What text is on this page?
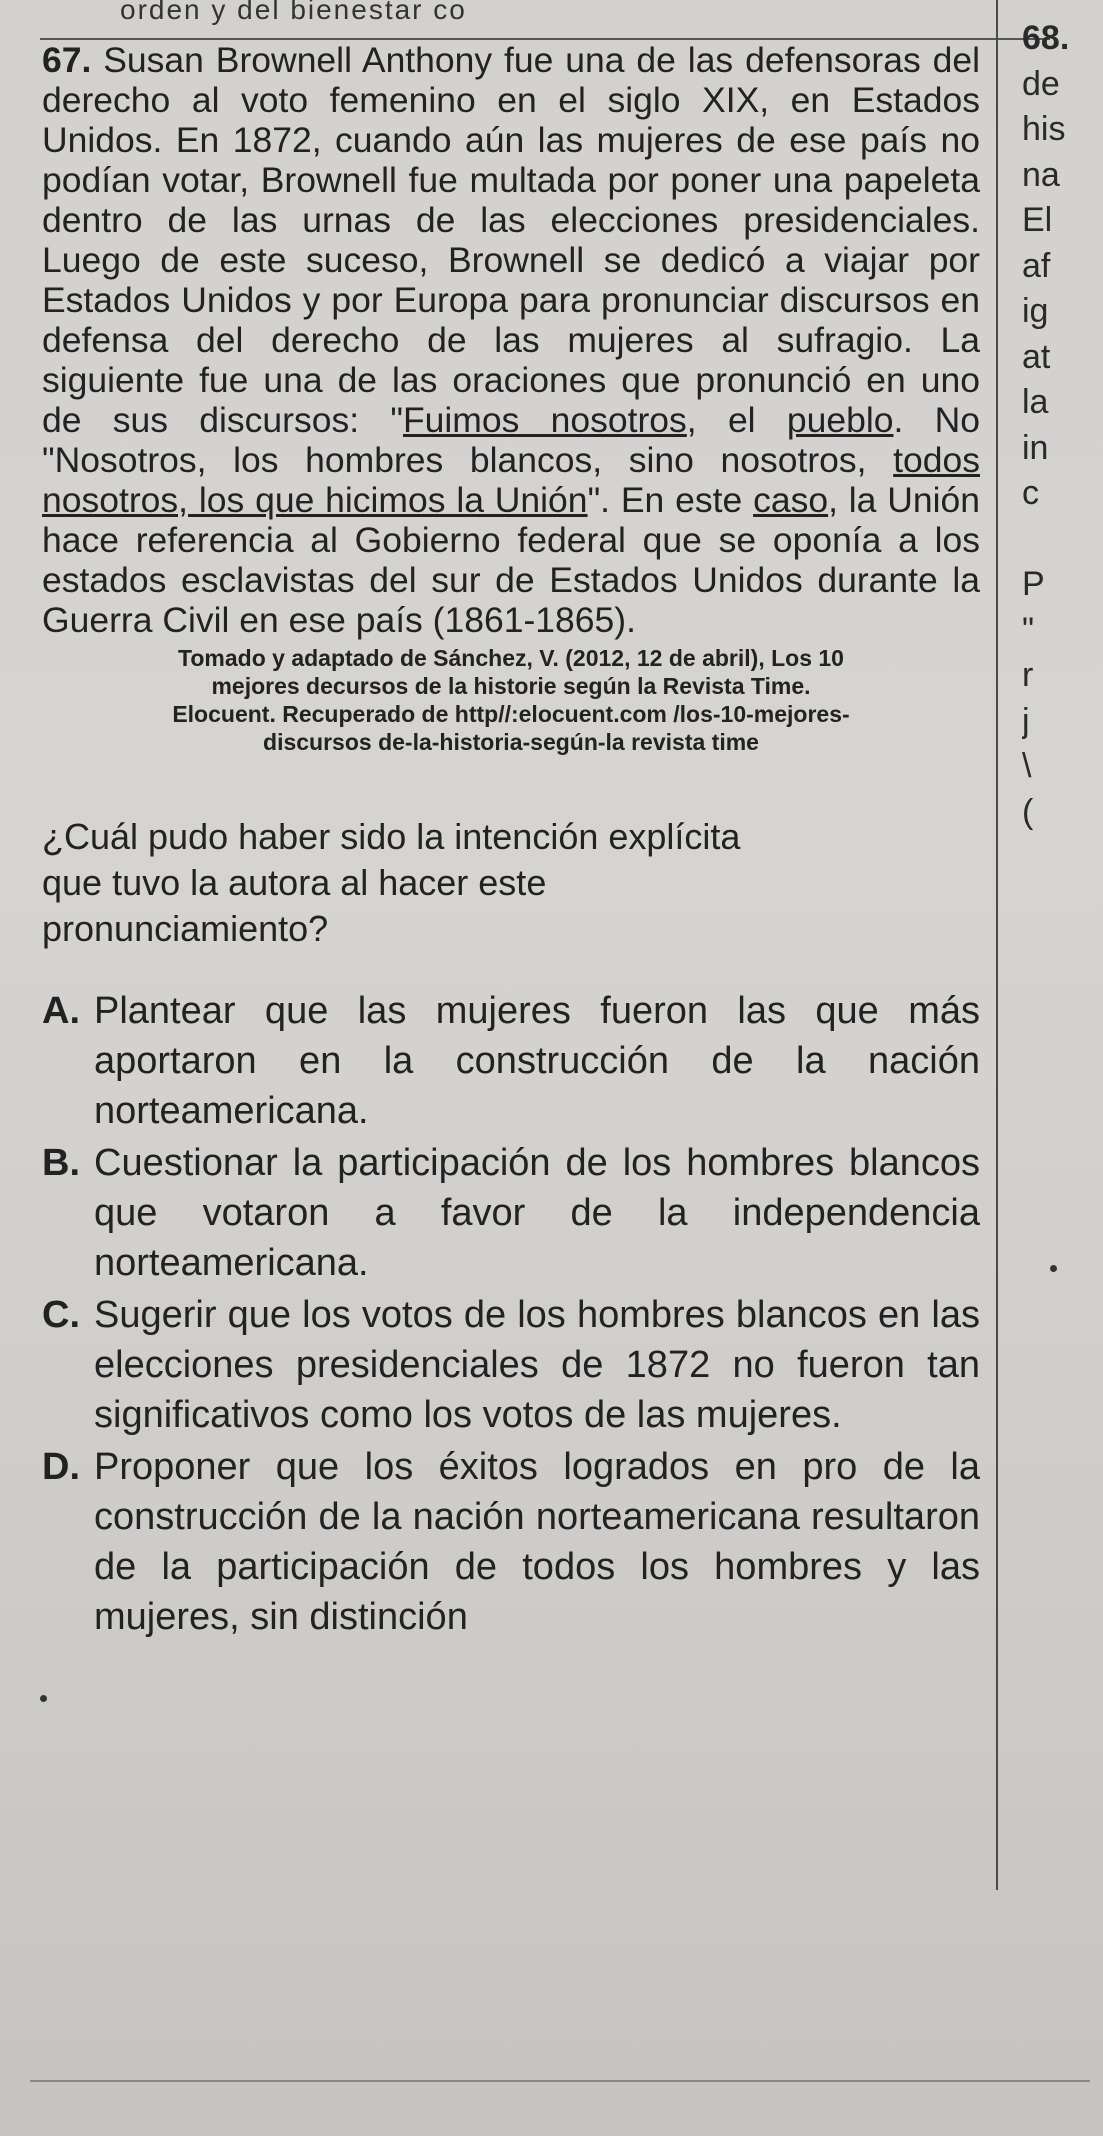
orden y del bienestar co

67. Susan Brownell Anthony fue una de las defensoras del derecho al voto femenino en el siglo XIX, en Estados Unidos. En 1872, cuando aún las mujeres de ese país no podían votar, Brownell fue multada por poner una papeleta dentro de las urnas de las elecciones presidenciales. Luego de este suceso, Brownell se dedicó a viajar por Estados Unidos y por Europa para pronunciar discursos en defensa del derecho de las mujeres al sufragio. La siguiente fue una de las oraciones que pronunció en uno de sus discursos: "Fuimos nosotros, el pueblo. No "Nosotros, los hombres blancos, sino nosotros, todos nosotros, los que hicimos la Unión". En este caso, la Unión hace referencia al Gobierno federal que se oponía a los estados esclavistas del sur de Estados Unidos durante la Guerra Civil en ese país (1861-1865).

Tomado y adaptado de Sánchez, V. (2012, 12 de abril), Los 10
mejores decursos de la historie según la Revista Time.
Elocuent. Recuperado de http//:elocuent.com /los-10-mejores-
discursos de-la-historia-según-la revista time
¿Cuál pudo haber sido la intención explícita que tuvo la autora al hacer este pronunciamiento?
A. Plantear que las mujeres fueron las que más aportaron en la construcción de la nación norteamericana.
B. Cuestionar la participación de los hombres blancos que votaron a favor de la independencia norteamericana.
C. Sugerir que los votos de los hombres blancos en las elecciones presidenciales de 1872 no fueron tan significativos como los votos de las mujeres.
D. Proponer que los éxitos logrados en pro de la construcción de la nación norteamericana resultaron de la participación de todos los hombres y las mujeres, sin distinción
68.
de
his
na
El
af
ig
at
la
in
c

P
"
r
j
\
(
